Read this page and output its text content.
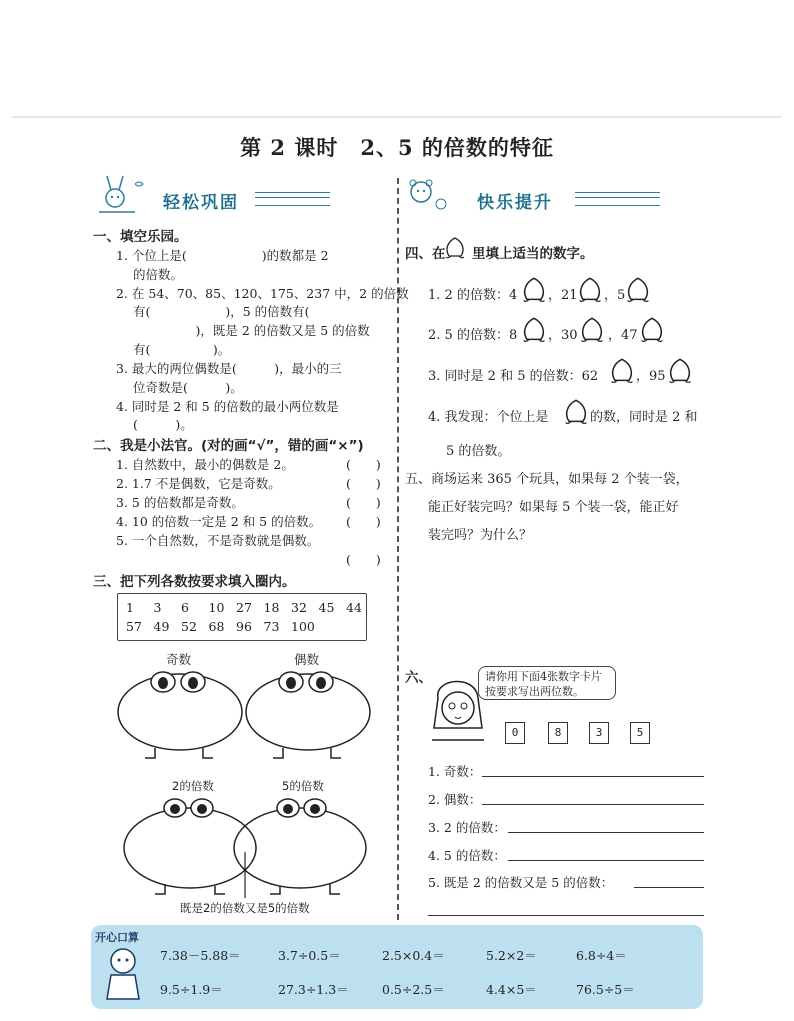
第 2 课时　2、5 的倍数的特征
轻松巩固	快乐提升
一、填空乐园。
1. 个位上是(　　　　　　)的数都是 2
的倍数。
2. 在 54、70、85、120、175、237 中，2 的倍数
有(　　　　　　)，5 的倍数有(
　　　　　)，既是 2 的倍数又是 5 的倍数
有(　　　　　)。
3. 最大的两位偶数是(　　　)，最小的三
位奇数是(　　　)。
4. 同时是 2 和 5 的倍数的最小两位数是
(　　　)。
二、我是小法官。(对的画“√”，错的画“×”)
1. 自然数中，最小的偶数是 2。	(　　)
2. 1.7 不是偶数，它是奇数。	(　　)
3. 5 的倍数都是奇数。	(　　)
4. 10 的倍数一定是 2 和 5 的倍数。 (　　)
5. 一个自然数，不是奇数就是偶数。
(　　)
三、把下列各数按要求填入圈内。
1	3	6	10 27 18 32 45 44
57 49 52 68 96 73 100
奇数	偶数
2的倍数	5的倍数
既是2的倍数又是5的倍数
四、在 里填上适当的数字。
1. 2 的倍数：4 ，21 ，5
2. 5 的倍数：8 ，30 ，47
3. 同时是 2 和 5 的倍数：62	，95
4. 我发现：个位上是	的数，同时是 2 和
5 的倍数。
五、商场运来 365 个玩具，如果每 2 个装一袋，
能正好装完吗？如果每 5 个装一袋，能正好
装完吗？为什么？
六、	请你用下面4张数字卡片
按要求写出两位数。
0	8	3	5
1. 奇数：
2. 偶数：
3. 2 的倍数：
4. 5 的倍数：
5. 既是 2 的倍数又是 5 的倍数：
开心口算
7.38－5.88＝	3.7÷0.5＝	2.5×0.4＝	5.2×2＝	6.8÷4＝
9.5÷1.9＝	27.3÷1.3＝	0.5÷2.5＝	4.4×5＝	76.5÷5＝
